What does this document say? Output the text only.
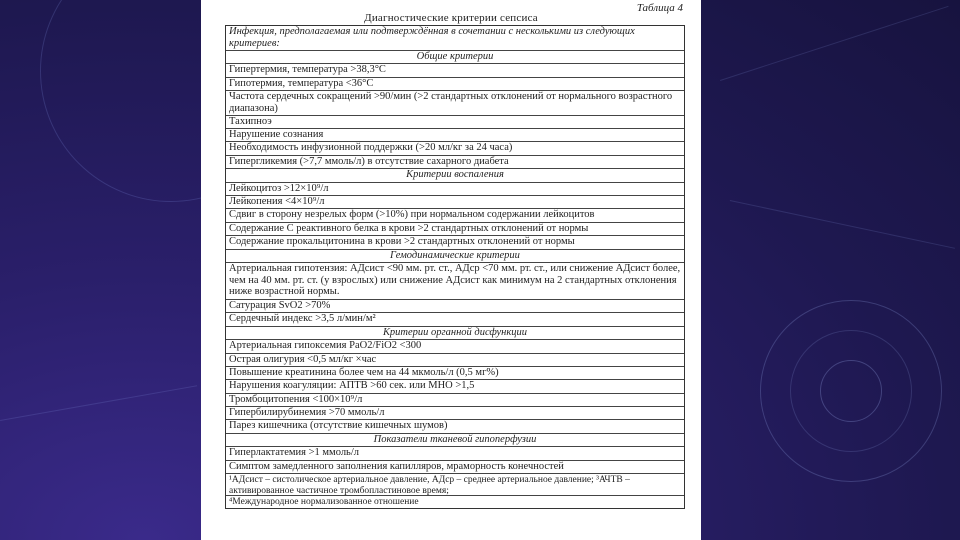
Таблица 4
Диагностические критерии сепсиса
Инфекция, предполагаемая или подтверждённая в сочетании с несколькими из следующих критериев:
Общие критерии
Гипертермия, температура >38,3°С
Гипотермия, температура <36°С
Частота сердечных сокращений >90/мин (>2 стандартных отклонений от нормального возрастного диапазона)
Тахипноэ
Нарушение сознания
Необходимость инфузионной поддержки (>20 мл/кг за 24 часа)
Гипергликемия (>7,7 ммоль/л) в отсутствие сахарного диабета
Критерии воспаления
Лейкоцитоз >12×10⁹/л
Лейкопения <4×10⁹/л
Сдвиг в сторону незрелых форм (>10%) при нормальном содержании лейкоцитов
Содержание С реактивного белка в крови >2 стандартных отклонений от нормы
Содержание прокальцитонина в крови >2 стандартных отклонений от нормы
Гемодинамические критерии
Артериальная гипотензия: АДсист <90 мм. рт. ст., АДср <70 мм. рт. ст., или снижение АДсист более, чем на 40 мм. рт. ст. (у взрослых) или снижение АДсист как минимум на 2 стандартных отклонения ниже возрастной нормы.
Сатурация SvO2 >70%
Сердечный индекс >3,5 л/мин/м²
Критерии органной дисфункции
Артериальная гипоксемия PaO2/FiO2 <300
Острая олигурия <0,5 мл/кг ×час
Повышение креатинина более чем на 44 мкмоль/л (0,5 мг%)
Нарушения коагуляции: АПТВ >60 сек. или МНО >1,5
Тромбоцитопения <100×10⁹/л
Гипербилирубинемия >70 ммоль/л
Парез кишечника (отсутствие кишечных шумов)
Показатели тканевой гипоперфузии
Гиперлактатемия >1 ммоль/л
Симптом замедленного заполнения капилляров, мраморность конечностей
¹АДсист – систолическое артериальное давление, АДср – среднее артериальное давление; ³АЧТВ – активированное частичное тромбопластиновое время;
⁴Международное нормализованное отношение
